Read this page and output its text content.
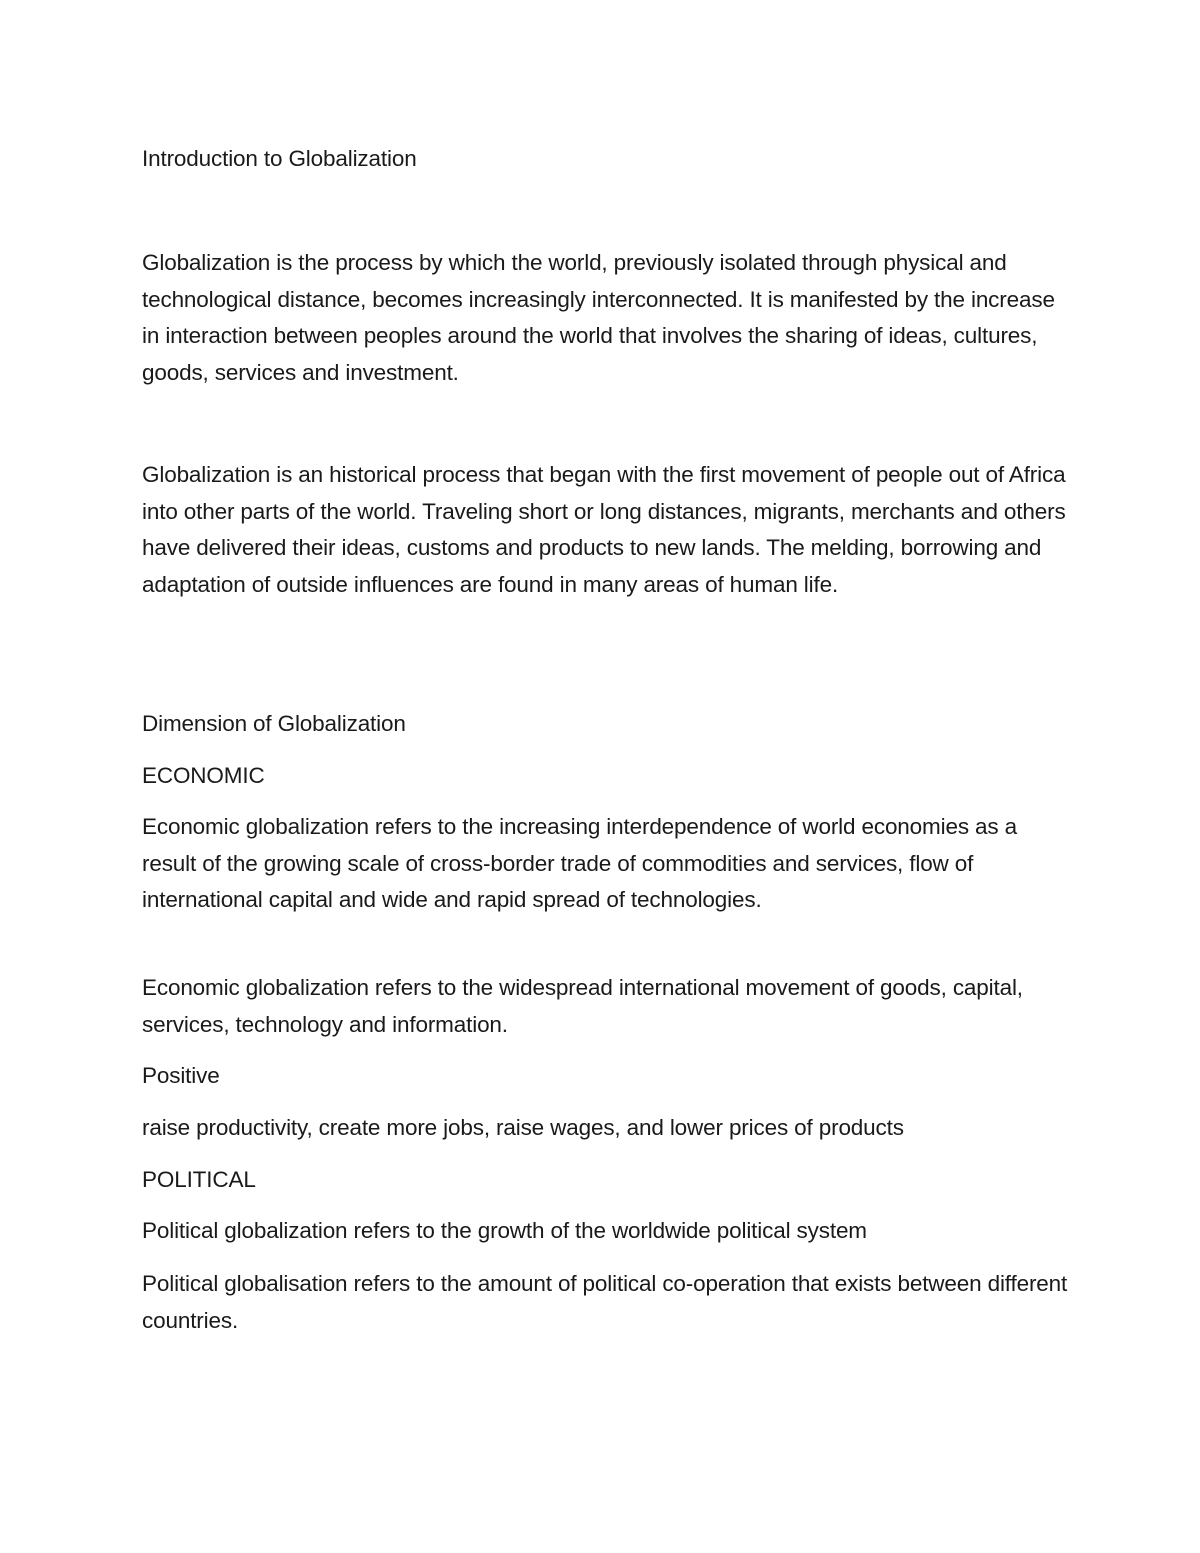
Introduction to Globalization

Globalization is the process by which the world, previously isolated through physical and technological distance, becomes increasingly interconnected. It is manifested by the increase in interaction between peoples around the world that involves the sharing of ideas, cultures, goods, services and investment.

Globalization is an historical process that began with the first movement of people out of Africa into other parts of the world. Traveling short or long distances, migrants, merchants and others have delivered their ideas, customs and products to new lands. The melding, borrowing and adaptation of outside influences are found in many areas of human life.

Dimension of Globalization

ECONOMIC

Economic globalization refers to the increasing interdependence of world economies as a result of the growing scale of cross-border trade of commodities and services, flow of international capital and wide and rapid spread of technologies.

Economic globalization refers to the widespread international movement of goods, capital, services, technology and information.

Positive

raise productivity, create more jobs, raise wages, and lower prices of products

POLITICAL

Political globalization refers to the growth of the worldwide political system

Political globalisation refers to the amount of political co-operation that exists between different countries.
